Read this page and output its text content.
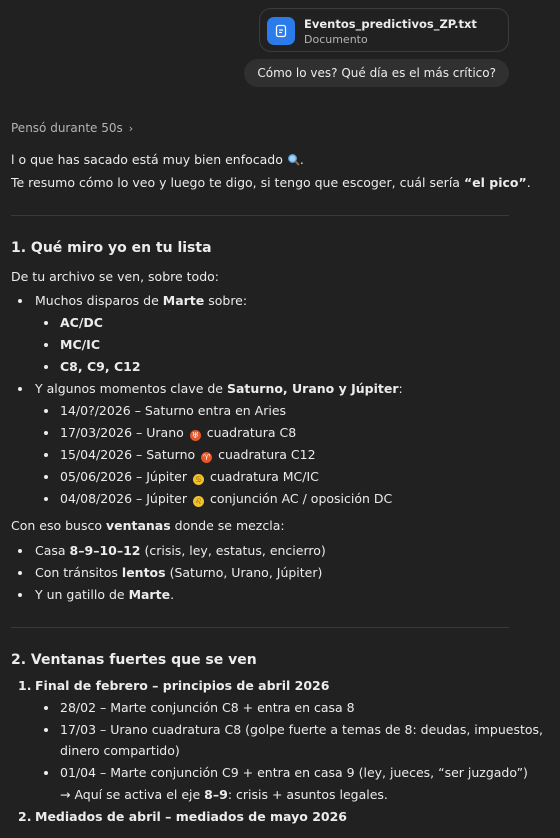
Eventos_predictivos_ZP.txt
Documento
Cómo lo ves? Qué día es el más crítico?
Pensó durante 50s ›
l o que has sacado está muy bien enfocado .
Te resumo cómo lo veo y luego te digo, si tengo que escoger, cuál sería “el pico”.
1. Qué miro yo en tu lista
De tu archivo se ven, sobre todo:
Muchos disparos de Marte sobre:
AC/DC
MC/IC
C8, C9, C12
Y algunos momentos clave de Saturno, Urano y Júpiter:
14/0?/2026 – Saturno entra en Aries
17/03/2026 – Urano ♅ cuadratura C8
15/04/2026 – Saturno ♈ cuadratura C12
05/06/2026 – Júpiter ♋ cuadratura MC/IC
04/08/2026 – Júpiter ♌ conjunción AC / oposición DC
Con eso busco ventanas donde se mezcla:
Casa 8–9–10–12 (crisis, ley, estatus, encierro)
Con tránsitos lentos (Saturno, Urano, Júpiter)
Y un gatillo de Marte.
2. Ventanas fuertes que se ven
1. Final de febrero – principios de abril 2026
28/02 – Marte conjunción C8 + entra en casa 8
17/03 – Urano cuadratura C8 (golpe fuerte a temas de 8: deudas, impuestos,
dinero compartido)
01/04 – Marte conjunción C9 + entra en casa 9 (ley, jueces, “ser juzgado”)
→ Aquí se activa el eje 8–9: crisis + asuntos legales.
2. Mediados de abril – mediados de mayo 2026
